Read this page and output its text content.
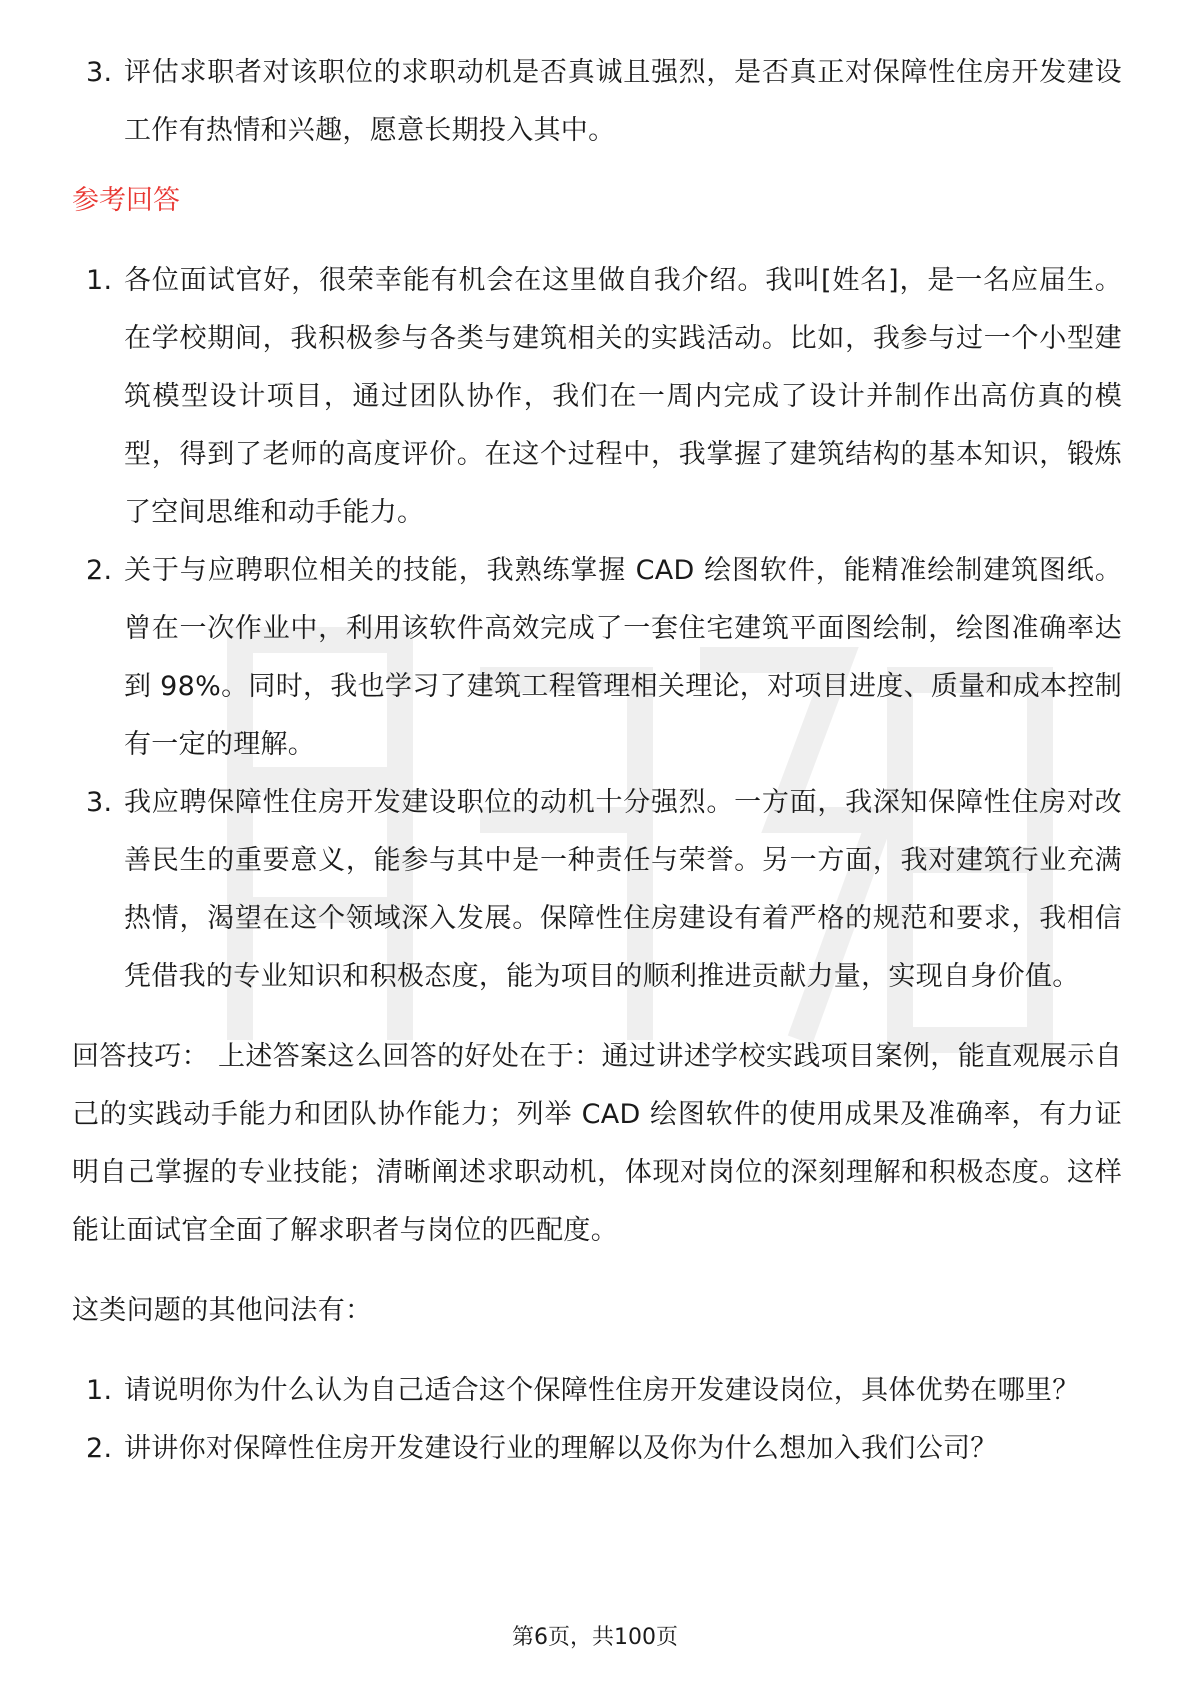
3. 评估求职者对该职位的求职动机是否真诚且强烈，是否真正对保障性住房开发建设工作有热情和兴趣，愿意长期投入其中。
参考回答
1. 各位面试官好，很荣幸能有机会在这里做自我介绍。我叫[姓名]，是一名应届生。在学校期间，我积极参与各类与建筑相关的实践活动。比如，我参与过一个小型建筑模型设计项目，通过团队协作，我们在一周内完成了设计并制作出高仿真的模型，得到了老师的高度评价。在这个过程中，我掌握了建筑结构的基本知识，锻炼了空间思维和动手能力。
2. 关于与应聘职位相关的技能，我熟练掌握 CAD 绘图软件，能精准绘制建筑图纸。曾在一次作业中，利用该软件高效完成了一套住宅建筑平面图绘制，绘图准确率达到 98%。同时，我也学习了建筑工程管理相关理论，对项目进度、质量和成本控制有一定的理解。
3. 我应聘保障性住房开发建设职位的动机十分强烈。一方面，我深知保障性住房对改善民生的重要意义，能参与其中是一种责任与荣誉。另一方面，我对建筑行业充满热情，渴望在这个领域深入发展。保障性住房建设有着严格的规范和要求，我相信凭借我的专业知识和积极态度，能为项目的顺利推进贡献力量，实现自身价值。
回答技巧： 上述答案这么回答的好处在于：通过讲述学校实践项目案例，能直观展示自己的实践动手能力和团队协作能力；列举 CAD 绘图软件的使用成果及准确率，有力证明自己掌握的专业技能；清晰阐述求职动机，体现对岗位的深刻理解和积极态度。这样能让面试官全面了解求职者与岗位的匹配度。
这类问题的其他问法有：
1. 请说明你为什么认为自己适合这个保障性住房开发建设岗位，具体优势在哪里？
2. 讲讲你对保障性住房开发建设行业的理解以及你为什么想加入我们公司？
第6页，共100页
